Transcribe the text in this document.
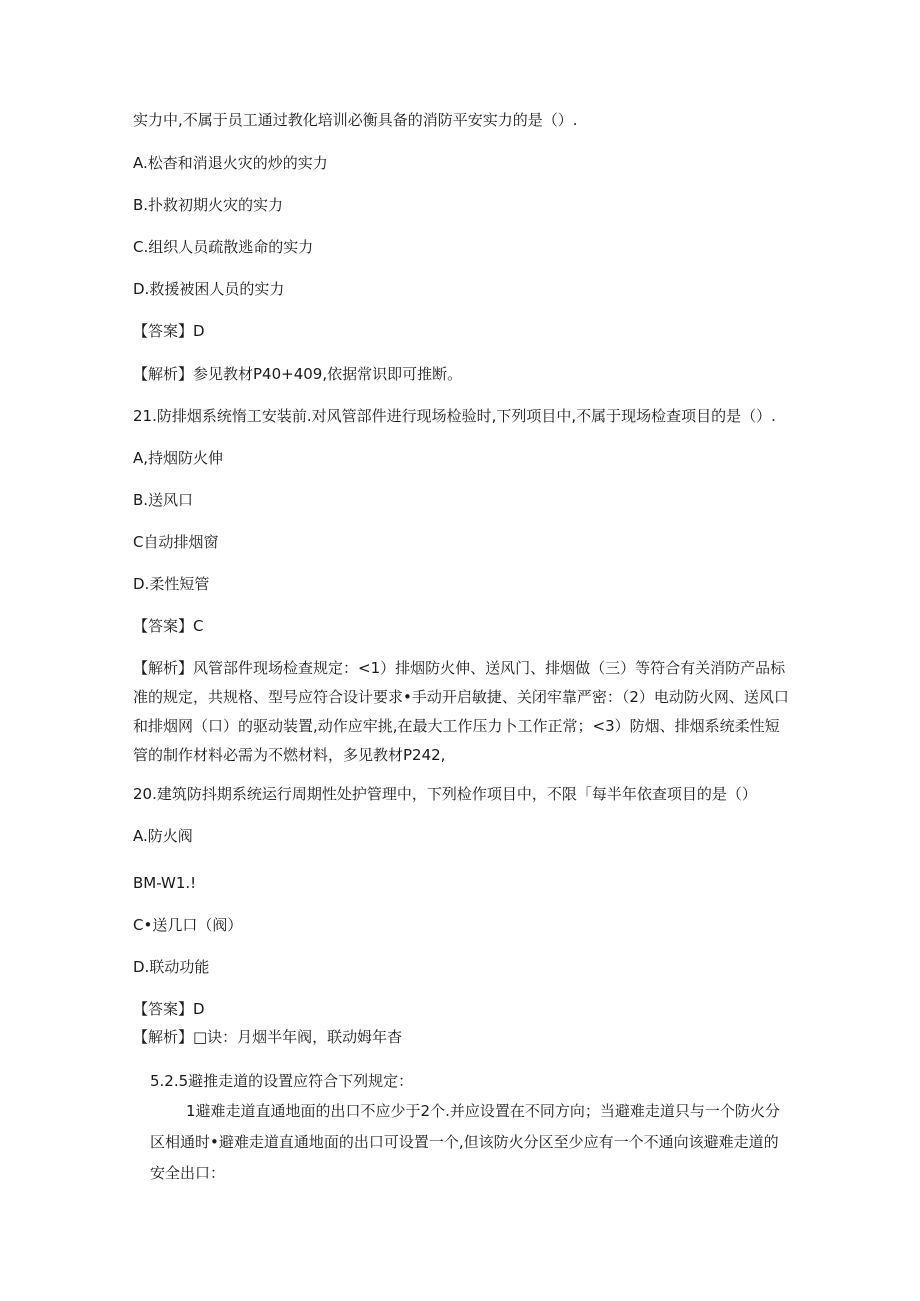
实力中,不属于员工通过教化培训必衡具备的消防平安实力的是（）.
A.松杳和消退火灾的炒的实力
B.扑救初期火灾的实力
C.组织人员疏散逃命的实力
D.救援被困人员的实力
【答案】D
【解析】参见教材P40+409,依据常识即可推断。
21.防排烟系统惰工安装前.对风管部件进行现场检验时,下列项目中,不属于现场检查项目的是（）.
A,持烟防火伸
B.送风口
C自动排烟窗
D.柔性短管
【答案】C
【解析】风管部件现场检查规定：<1）排烟防火伸、送风门、排烟做（三）等符合有关消防产品标准的规定，共规格、型号应符合设计要求•手动开启敏捷、关闭牢靠严密：（2）电动防火网、送风口和排烟网（口）的驱动装置,动作应牢挑,在最大工作压力卜工作正常；<3）防烟、排烟系统柔性短管的制作材料必需为不燃材料，多见教材P242,
20.建筑防抖期系统运行周期性处护管理中，下列检作项目中，不限「每半年依查项目的是（）
A.防火阀
BM-W1.!
C•送几口（阀）
D.联动功能
【答案】D
【解析】□诀：月烟半年阀，联动姆年杳
5.2.5避推走道的设置应符合下列规定：
1避难走道直通地面的出口不应少于2个.并应设置在不同方向；当避难走道只与一个防火分区相通时•避难走道直通地面的出口可设置一个,但该防火分区至少应有一个不通向该避难走道的安全出口：
